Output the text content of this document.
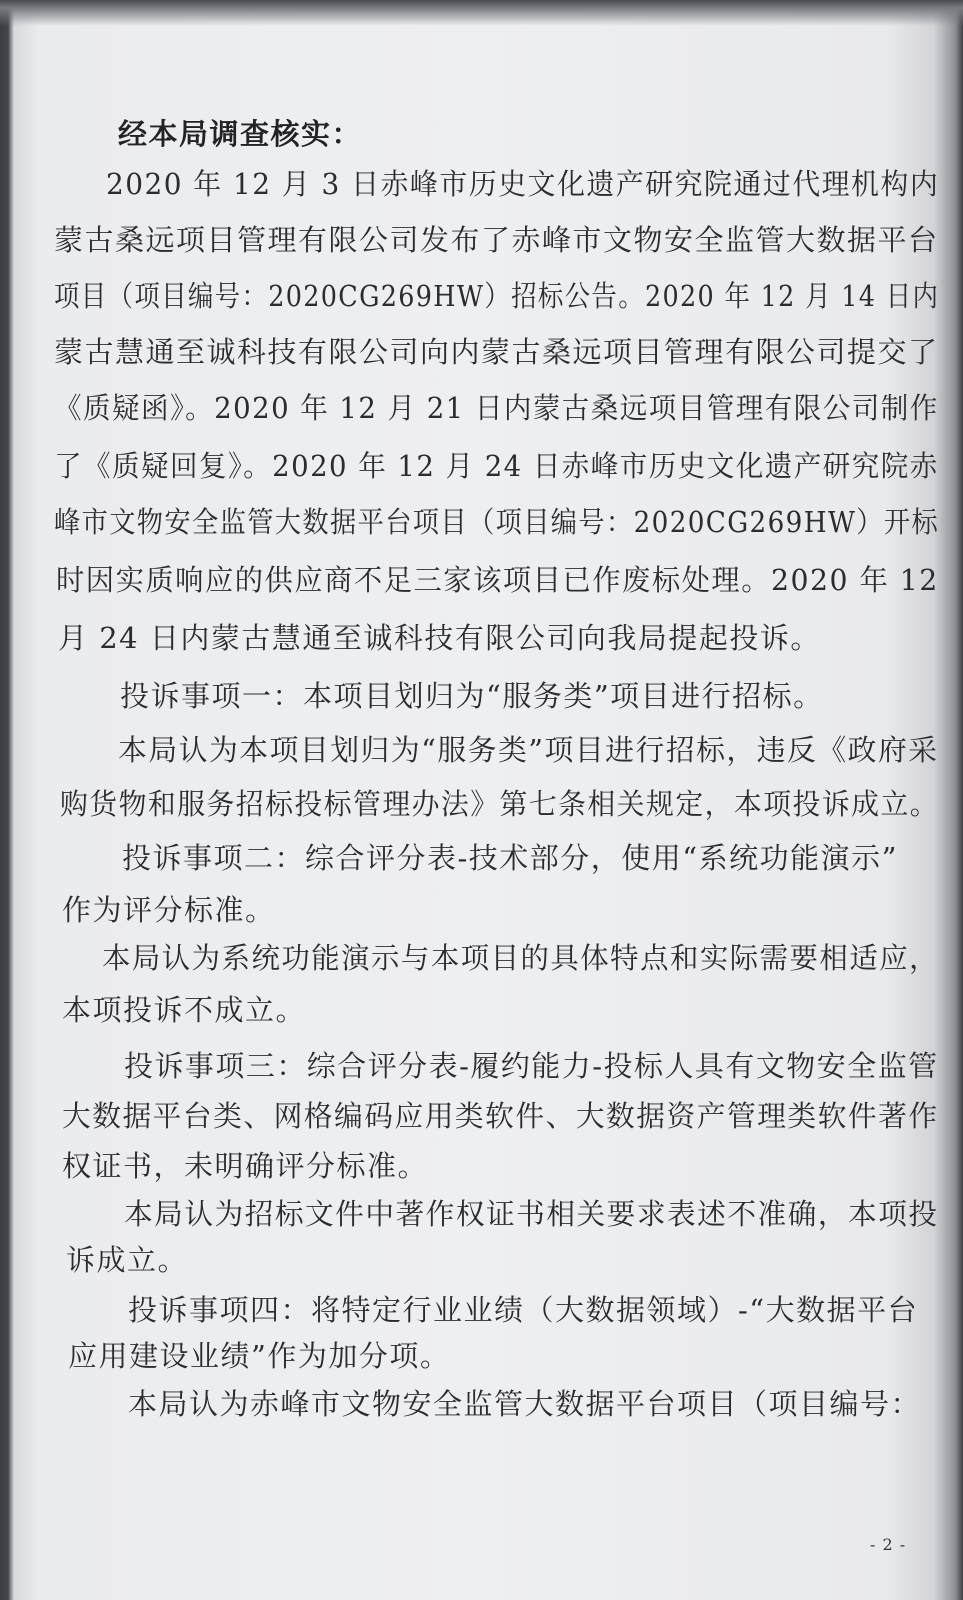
经本局调查核实：
2020 年 12 月 3 日赤峰市历史文化遗产研究院通过代理机构内
蒙古桑远项目管理有限公司发布了赤峰市文物安全监管大数据平台
项目（项目编号：2020CG269HW）招标公告。2020 年 12 月 14 日内
蒙古慧通至诚科技有限公司向内蒙古桑远项目管理有限公司提交了
《质疑函》。2020 年 12 月 21 日内蒙古桑远项目管理有限公司制作
了《质疑回复》。2020 年 12 月 24 日赤峰市历史文化遗产研究院赤
峰市文物安全监管大数据平台项目（项目编号：2020CG269HW）开标
时因实质响应的供应商不足三家该项目已作废标处理。2020 年 12
月 24 日内蒙古慧通至诚科技有限公司向我局提起投诉。
投诉事项一：本项目划归为“服务类”项目进行招标。
本局认为本项目划归为“服务类”项目进行招标，违反《政府采
购货物和服务招标投标管理办法》第七条相关规定，本项投诉成立。
投诉事项二：综合评分表-技术部分，使用“系统功能演示”
作为评分标准。
本局认为系统功能演示与本项目的具体特点和实际需要相适应，
本项投诉不成立。
投诉事项三：综合评分表-履约能力-投标人具有文物安全监管
大数据平台类、网格编码应用类软件、大数据资产管理类软件著作
权证书，未明确评分标准。
本局认为招标文件中著作权证书相关要求表述不准确，本项投
诉成立。
投诉事项四：将特定行业业绩（大数据领域）-“大数据平台
应用建设业绩”作为加分项。
本局认为赤峰市文物安全监管大数据平台项目（项目编号：
- 2 -
